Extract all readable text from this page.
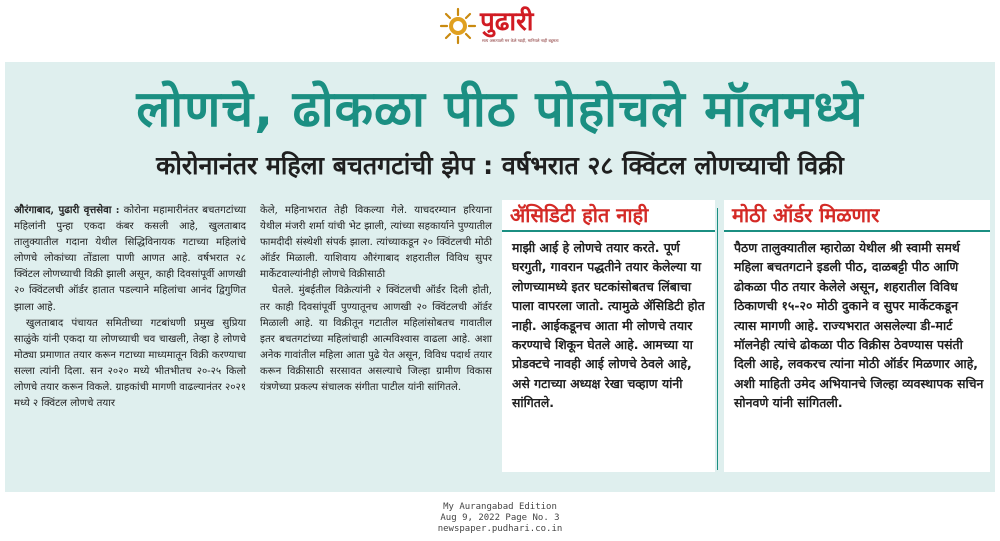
पुढारी
सत्य असत्याशी मन केले ग्वाही, मानियले नाही बहुमता
लोणचे, ढोकळा पीठ पोहोचले मॉलमध्ये
कोरोनानंतर महिला बचतगटांची झेप : वर्षभरात २८ क्विंटल लोणच्याची विक्री

औरंगाबाद, पुढारी वृत्तसेवा : कोरोना महामारीनंतर बचतगटांच्या महिलांनी पुन्हा एकदा कंबर कसली आहे, खुलताबाद तालुक्यातील गदाना येथील सिद्धिविनायक गटाच्या महिलांचे लोणचे लोकांच्या तोंडाला पाणी आणत आहे. वर्षभरात २८ क्विंटल लोणच्याची विक्री झाली असून, काही दिवसांपूर्वी आणखी २० क्विंटलची ऑर्डर हातात पडल्याने महिलांचा आनंद द्विगुणित झाला आहे.

खुलताबाद पंचायत समितीच्या गटबांधणी प्रमुख सुप्रिया साळुंके यांनी एकदा या लोणच्याची चव चाखली, तेव्हा हे लोणचे मोठ्या प्रमाणात तयार करून गटाच्या माध्यमातून विक्री करण्याचा सल्ला त्यांनी दिला. सन २०२० मध्ये भीतभीतच २०-२५ किलो लोणचे तयार करून विकले. ग्राहकांची मागणी वाढल्यानंतर २०२१ मध्ये २ क्विंटल लोणचे तयार

केले, महिनाभरात तेही विकल्या गेले. याचदरम्यान हरियाना येथील मंजरी शर्मा यांची भेट झाली, त्यांच्या सहकार्याने पुण्यातील फामदीदी संस्थेशी संपर्क झाला. त्यांच्याकडून २० क्विंटलची मोठी ऑर्डर मिळाली. याशिवाय औरंगाबाद शहरातील विविध सुपर मार्केटवाल्यांनीही लोणचे विक्रीसाठी

घेतले. मुंबईतील विक्रेत्यांनी २ क्विंटलची ऑर्डर दिली होती, तर काही दिवसांपूर्वी पुण्यातूनच आणखी २० क्विंटलची ऑर्डर मिळाली आहे. या विक्रीतून गटातील महिलांसोबतच गावातील इतर बचतगटांच्या महिलांचाही आत्मविश्वास वाढला आहे. अशा अनेक गावांतील महिला आता पुढे येत असून, विविध पदार्थ तयार करून विक्रीसाठी सरसावत असल्याचे जिल्हा ग्रामीण विकास यंत्रणेच्या प्रकल्प संचालक संगीता पाटील यांनी सांगितले.

ॲसिडिटी होत नाही

माझी आई हे लोणचे तयार करते. पूर्ण घरगुती, गावरान पद्धतीने तयार केलेल्या या लोणच्यामध्ये इतर घटकांसोबतच लिंबाचा पाला वापरला जातो. त्यामुळे ॲसिडिटी होत नाही. आईकडूनच आता मी लोणचे तयार करण्याचे शिकून घेतले आहे. आमच्या या प्रोडक्टचे नावही आई लोणचे ठेवले आहे, असे गटाच्या अध्यक्ष रेखा चव्हाण यांनी सांगितले.

मोठी ऑर्डर मिळणार

पैठण तालुक्यातील म्हारोळा येथील श्री स्वामी समर्थ महिला बचतगटाने इडली पीठ, दाळबट्टी पीठ आणि ढोकळा पीठ तयार केलेले असून, शहरातील विविध ठिकाणची १५-२० मोठी दुकाने व सुपर मार्केटकडून त्यास मागणी आहे. राज्यभरात असलेल्या डी-मार्ट मॉलनेही त्यांचे ढोकळा पीठ विक्रीस ठेवण्यास पसंती दिली आहे, लवकरच त्यांना मोठी ऑर्डर मिळणार आहे, अशी माहिती उमेद अभियानचे जिल्हा व्यवस्थापक सचिन सोनवणे यांनी सांगितली.

My Aurangabad Edition
Aug 9, 2022 Page No. 3
newspaper.pudhari.co.in
